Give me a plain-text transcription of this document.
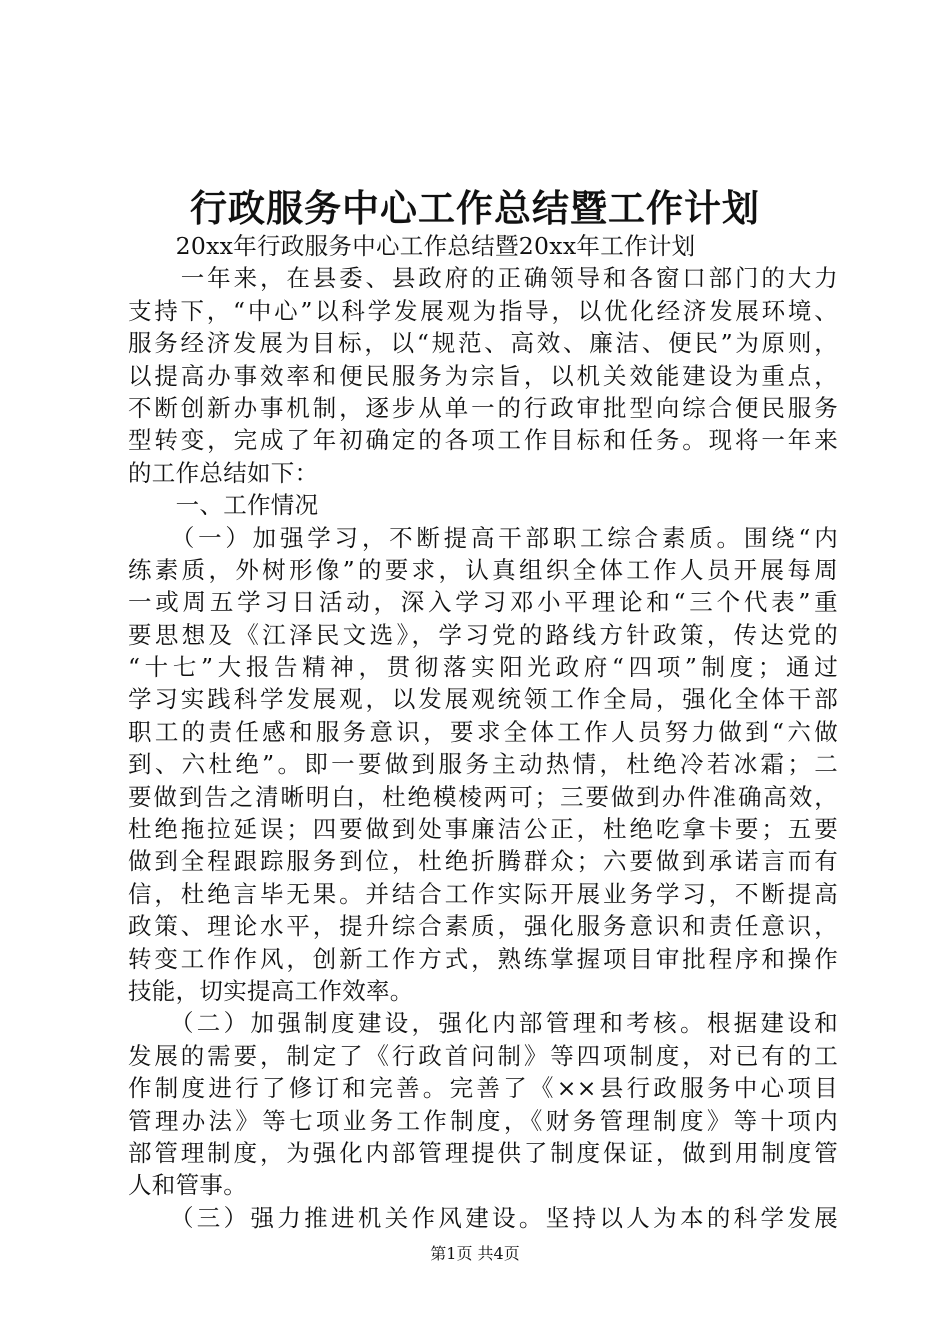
行政服务中心工作总结暨工作计划
　　20xx年行政服务中心工作总结暨20xx年工作计划
　　一年来，在县委、县政府的正确领导和各窗口部门的大力
支持下，“中心”以科学发展观为指导，以优化经济发展环境、
服务经济发展为目标，以“规范、高效、廉洁、便民”为原则，
以提高办事效率和便民服务为宗旨，以机关效能建设为重点，
不断创新办事机制，逐步从单一的行政审批型向综合便民服务
型转变，完成了年初确定的各项工作目标和任务。现将一年来
的工作总结如下：
　　一、工作情况
　　（一）加强学习，不断提高干部职工综合素质。围绕“内
练素质，外树形像”的要求，认真组织全体工作人员开展每周
一或周五学习日活动，深入学习邓小平理论和“三个代表”重
要思想及《江泽民文选》，学习党的路线方针政策，传达党的
“十七”大报告精神，贯彻落实阳光政府“四项”制度；通过
学习实践科学发展观，以发展观统领工作全局，强化全体干部
职工的责任感和服务意识，要求全体工作人员努力做到“六做
到、六杜绝”。即一要做到服务主动热情，杜绝冷若冰霜；二
要做到告之清晰明白，杜绝模棱两可；三要做到办件准确高效，
杜绝拖拉延误；四要做到处事廉洁公正，杜绝吃拿卡要；五要
做到全程跟踪服务到位，杜绝折腾群众；六要做到承诺言而有
信，杜绝言毕无果。并结合工作实际开展业务学习，不断提高
政策、理论水平，提升综合素质，强化服务意识和责任意识，
转变工作作风，创新工作方式，熟练掌握项目审批程序和操作
技能，切实提高工作效率。
　　（二）加强制度建设，强化内部管理和考核。根据建设和
发展的需要，制定了《行政首问制》等四项制度，对已有的工
作制度进行了修订和完善。完善了《××县行政服务中心项目
管理办法》等七项业务工作制度，《财务管理制度》等十项内
部管理制度，为强化内部管理提供了制度保证，做到用制度管
人和管事。
　　（三）强力推进机关作风建设。坚持以人为本的科学发展
第1页 共4页
